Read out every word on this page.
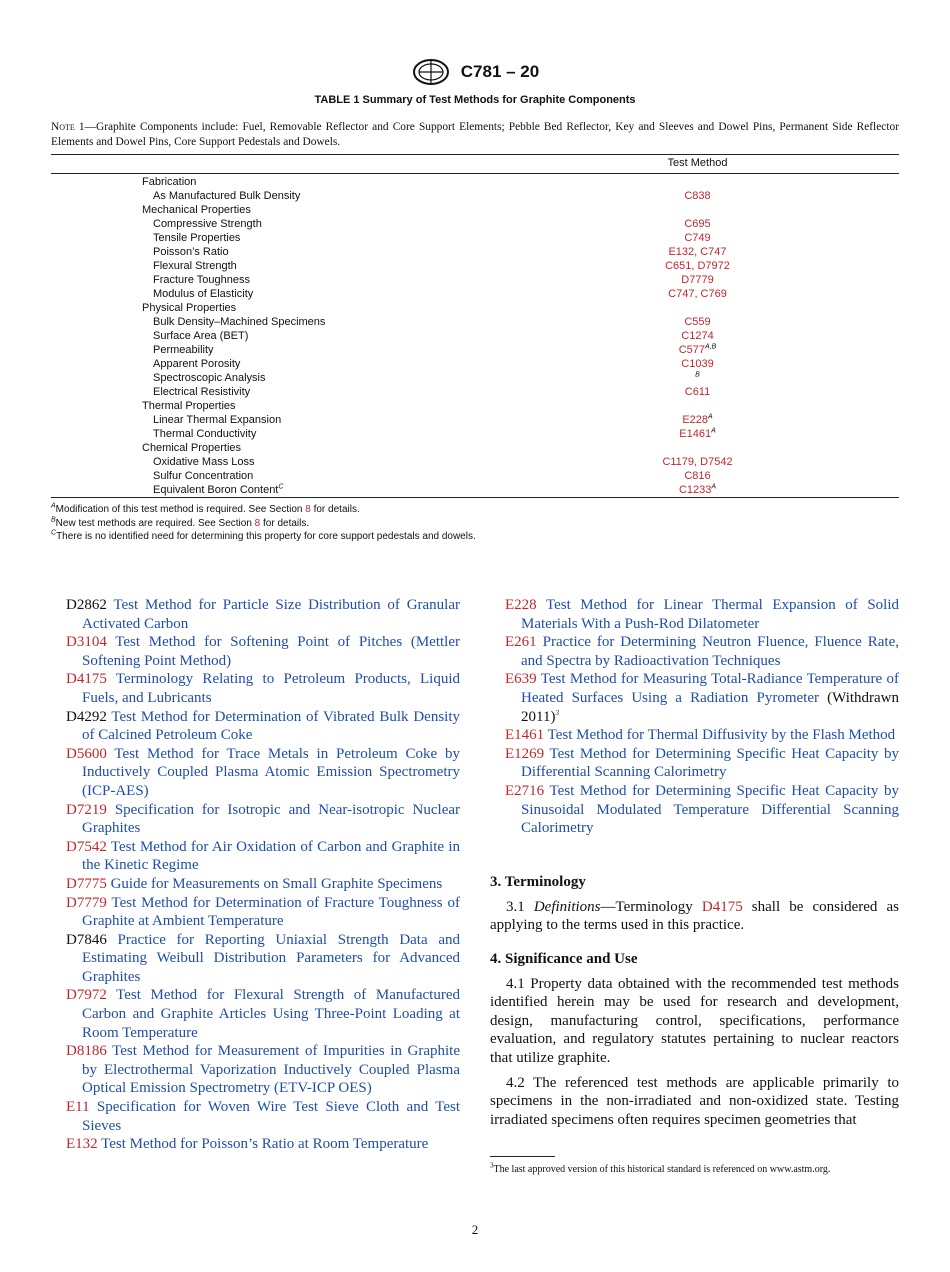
C781 – 20
TABLE 1 Summary of Test Methods for Graphite Components
Note 1—Graphite Components include: Fuel, Removable Reflector and Core Support Elements; Pebble Bed Reflector, Key and Sleeves and Dowel Pins, Permanent Side Reflector Elements and Dowel Pins, Core Support Pedestals and Dowels.
Test Method
Fabrication
As Manufactured Bulk Density	C838
Mechanical Properties
Compressive Strength	C695
Tensile Properties	C749
Poisson’s Ratio	E132, C747
Flexural Strength	C651, D7972
Fracture Toughness	D7779
Modulus of Elasticity	C747, C769
Physical Properties
Bulk Density–Machined Specimens	C559
Surface Area (BET)	C1274
Permeability	$C577^{A,B}$
Apparent Porosity	C1039
Spectroscopic Analysis	$^B$
Electrical Resistivity	C611
Thermal Properties
Linear Thermal Expansion	$E228^A$
Thermal Conductivity	$E1461^A$
Chemical Properties
Oxidative Mass Loss	C1179, D7542
Sulfur Concentration	C816
Equivalent Boron Content$^C$	$C1233^A$
$^A$Modification of this test method is required. See Section 8 for details.
$^B$New test methods are required. See Section 8 for details.
$^C$There is no identified need for determining this property for core support pedestals and dowels.
D2862 Test Method for Particle Size Distribution of Granular Activated Carbon
D3104 Test Method for Softening Point of Pitches (Mettler Softening Point Method)
D4175 Terminology Relating to Petroleum Products, Liquid Fuels, and Lubricants
D4292 Test Method for Determination of Vibrated Bulk Density of Calcined Petroleum Coke
D5600 Test Method for Trace Metals in Petroleum Coke by Inductively Coupled Plasma Atomic Emission Spectrometry (ICP-AES)
D7219 Specification for Isotropic and Near-isotropic Nuclear Graphites
D7542 Test Method for Air Oxidation of Carbon and Graphite in the Kinetic Regime
D7775 Guide for Measurements on Small Graphite Specimens
D7779 Test Method for Determination of Fracture Toughness of Graphite at Ambient Temperature
D7846 Practice for Reporting Uniaxial Strength Data and Estimating Weibull Distribution Parameters for Advanced Graphites
D7972 Test Method for Flexural Strength of Manufactured Carbon and Graphite Articles Using Three-Point Loading at Room Temperature
D8186 Test Method for Measurement of Impurities in Graphite by Electrothermal Vaporization Inductively Coupled Plasma Optical Emission Spectrometry (ETV-ICP OES)
E11 Specification for Woven Wire Test Sieve Cloth and Test Sieves
E132 Test Method for Poisson’s Ratio at Room Temperature
E228 Test Method for Linear Thermal Expansion of Solid Materials With a Push-Rod Dilatometer
E261 Practice for Determining Neutron Fluence, Fluence Rate, and Spectra by Radioactivation Techniques
E639 Test Method for Measuring Total-Radiance Temperature of Heated Surfaces Using a Radiation Pyrometer (Withdrawn 2011)$^3$
E1461 Test Method for Thermal Diffusivity by the Flash Method
E1269 Test Method for Determining Specific Heat Capacity by Differential Scanning Calorimetry
E2716 Test Method for Determining Specific Heat Capacity by Sinusoidal Modulated Temperature Differential Scanning Calorimetry
3. Terminology

3.1 Definitions—Terminology D4175 shall be considered as applying to the terms used in this practice.

4. Significance and Use

4.1 Property data obtained with the recommended test methods identified herein may be used for research and development, design, manufacturing control, specifications, performance evaluation, and regulatory statutes pertaining to nuclear reactors that utilize graphite.

4.2 The referenced test methods are applicable primarily to specimens in the non-irradiated and non-oxidized state. Testing irradiated specimens often requires specimen geometries that

$^3$The last approved version of this historical standard is referenced on www.astm.org.
2
